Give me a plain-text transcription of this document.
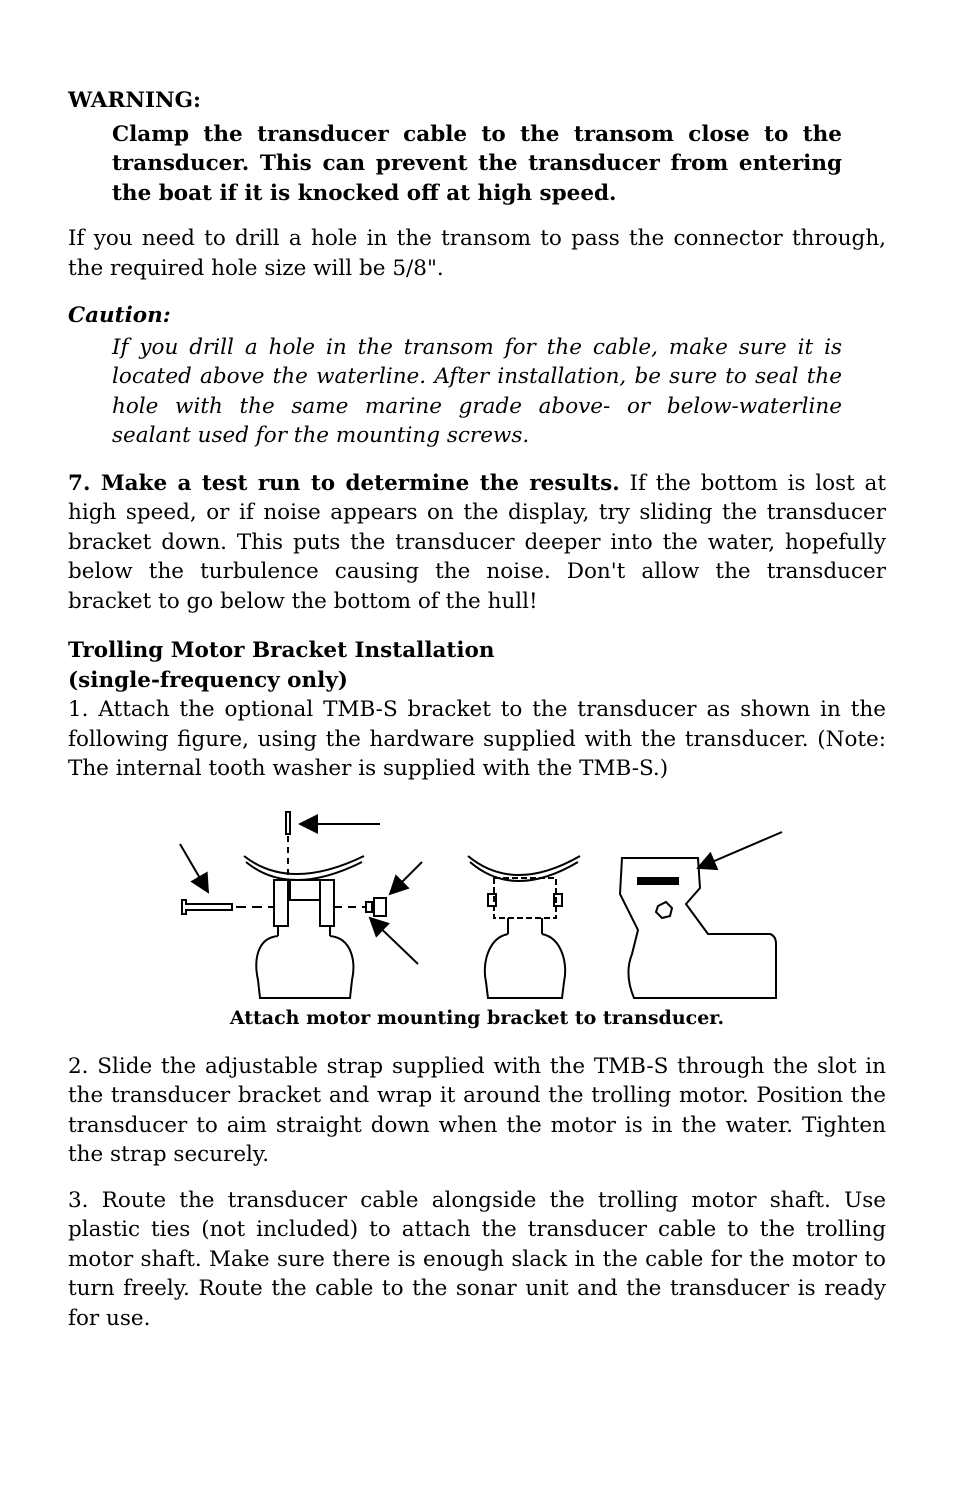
WARNING:

Clamp the transducer cable to the transom close to the transducer. This can prevent the transducer from entering the boat if it is knocked off at high speed.

If you need to drill a hole in the transom to pass the connector through, the required hole size will be 5/8".

Caution:

If you drill a hole in the transom for the cable, make sure it is located above the waterline. After installation, be sure to seal the hole with the same marine grade above- or below-waterline sealant used for the mounting screws.

7. Make a test run to determine the results. If the bottom is lost at high speed, or if noise appears on the display, try sliding the transducer bracket down. This puts the transducer deeper into the water, hopefully below the turbulence causing the noise. Don't allow the transducer bracket to go below the bottom of the hull!

Trolling Motor Bracket Installation
(single-frequency only)

1. Attach the optional TMB-S bracket to the transducer as shown in the following figure, using the hardware supplied with the transducer. (Note: The internal tooth washer is supplied with the TMB-S.)

Attach motor mounting bracket to transducer.

2. Slide the adjustable strap supplied with the TMB-S through the slot in the transducer bracket and wrap it around the trolling motor. Position the transducer to aim straight down when the motor is in the water. Tighten the strap securely.

3. Route the transducer cable alongside the trolling motor shaft. Use plastic ties (not included) to attach the transducer cable to the trolling motor shaft. Make sure there is enough slack in the cable for the motor to turn freely. Route the cable to the sonar unit and the transducer is ready for use.
